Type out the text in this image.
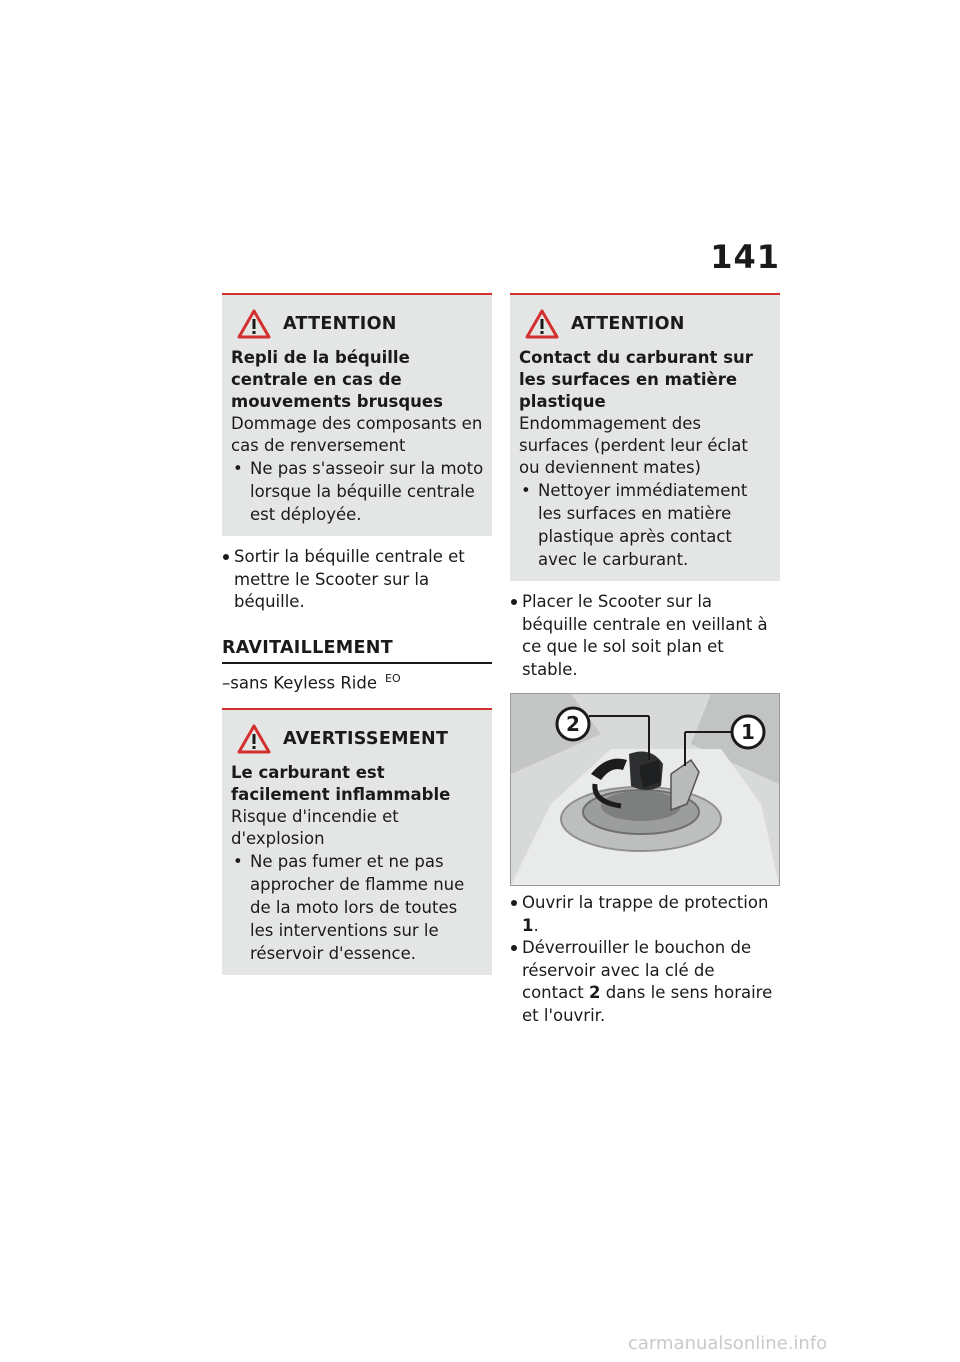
141
ATTENTION
Repli de la béquille centrale en cas de mouvements brusques
Dommage des composants en cas de renversement
• Ne pas s'asseoir sur la moto lorsque la béquille centrale est déployée.
Sortir la béquille centrale et mettre le Scooter sur la béquille.
RAVITAILLEMENT
–sans Keyless Ride $^{EO}$
AVERTISSEMENT
Le carburant est facilement inflammable
Risque d'incendie et d'explosion
• Ne pas fumer et ne pas approcher de flamme nue de la moto lors de toutes les interventions sur le réservoir d'essence.
ATTENTION
Contact du carburant sur les surfaces en matière plastique
Endommagement des surfaces (perdent leur éclat ou deviennent mates)
• Nettoyer immédiatement les surfaces en matière plastique après contact avec le carburant.
Placer le Scooter sur la béquille centrale en veillant à ce que le sol soit plan et stable.
2	1
Ouvrir la trappe de protection 1.
Déverrouiller le bouchon de réservoir avec la clé de contact 2 dans le sens horaire et l'ouvrir.
carmanualsonline.info
